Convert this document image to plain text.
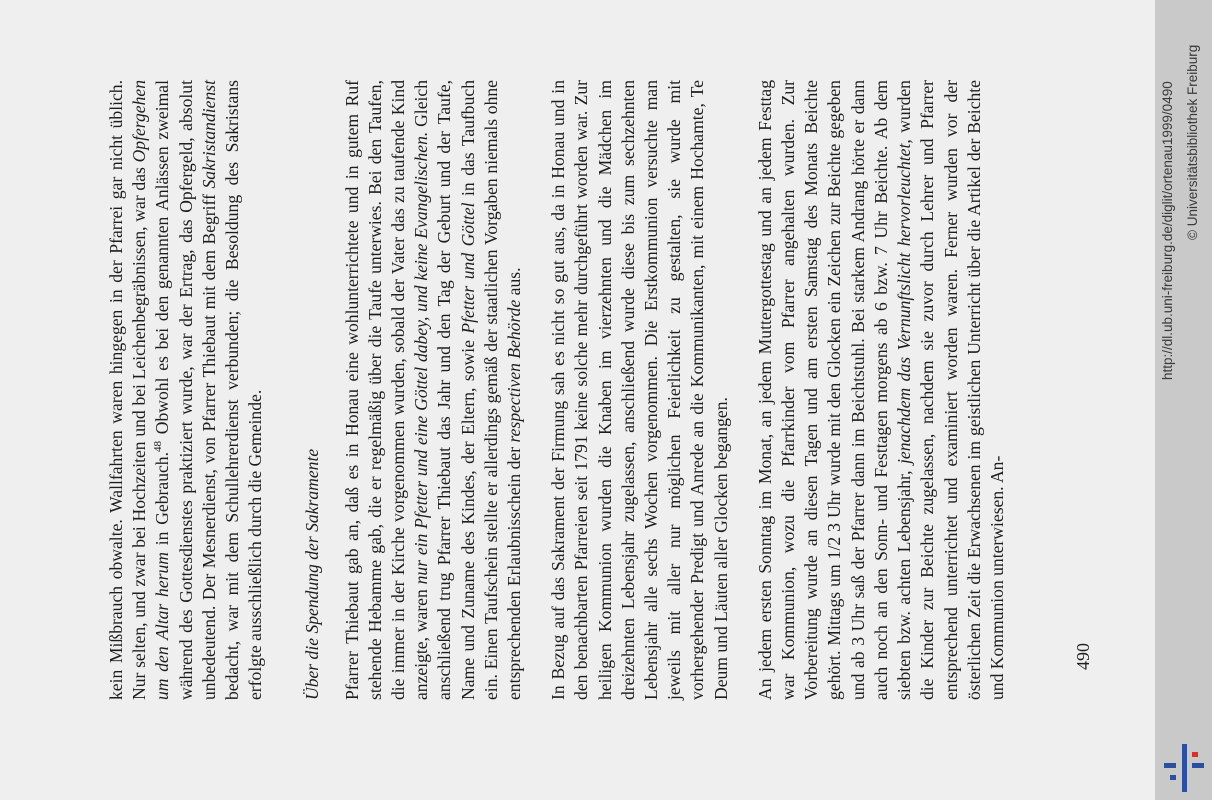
kein Mißbrauch obwalte. Wallfahrten waren hingegen in der Pfarrei gar nicht üblich. Nur selten, und zwar bei Hochzeiten und bei Leichenbegräbnissen, war das Opfergehen um den Altar herum in Gebrauch.$^{48}$ Obwohl es bei den genannten Anlässen zweimal während des Gottesdienstes praktiziert wurde, war der Ertrag, das Opfergeld, absolut unbedeutend. Der Mesnerdienst, von Pfarrer Thiebaut mit dem Begriff Sakristandienst bedacht, war mit dem Schullehrerdienst verbunden; die Besoldung des Sakristans erfolgte ausschließlich durch die Gemeinde. Über die Spendung der Sakramente Pfarrer Thiebaut gab an, daß es in Honau eine wohlunterrichtete und in gutem Ruf stehende Hebamme gab, die er regelmäßig über die Taufe unterwies. Bei den Taufen, die immer in der Kirche vorgenommen wurden, sobald der Vater das zu taufende Kind anzeigte, waren nur ein Pfetter und eine Göttel dabey, und keine Evangelischen. Gleich anschließend trug Pfarrer Thiebaut das Jahr und den Tag der Geburt und der Taufe, Name und Zuname des Kindes, der Eltern, sowie Pfetter und Göttel in das Taufbuch ein. Einen Taufschein stellte er allerdings gemäß der staatlichen Vorgaben niemals ohne entsprechenden Erlaubnisschein der respectiven Behörde aus. In Bezug auf das Sakrament der Firmung sah es nicht so gut aus, da in Honau und in den benachbarten Pfarreien seit 1791 keine solche mehr durchgeführt worden war. Zur heiligen Kommunion wurden die Knaben im vierzehnten und die Mädchen im dreizehnten Lebensjahr zugelassen, anschließend wurde diese bis zum sechzehnten Lebensjahr alle sechs Wochen vorgenommen. Die Erstkommunion versuchte man jeweils mit aller nur möglichen Feierlichkeit zu gestalten, sie wurde mit vorhergehender Predigt und Anrede an die Kommunikanten, mit einem Hochamte, Te Deum und Läuten aller Glocken begangen. An jedem ersten Sonntag im Monat, an jedem Muttergottestag und an jedem Festtag war Kommunion, wozu die Pfarrkinder vom Pfarrer angehalten wurden. Zur Vorbereitung wurde an diesen Tagen und am ersten Samstag des Monats Beichte gehört. Mittags um 1/2 3 Uhr wurde mit den Glocken ein Zeichen zur Beichte gegeben und ab 3 Uhr saß der Pfarrer dann im Beichtstuhl. Bei starkem Andrang hörte er dann auch noch an den Sonn- und Festtagen morgens ab 6 bzw. 7 Uhr Beichte. Ab dem siebten bzw. achten Lebensjahr, jenachdem das Vernunftslicht hervorleuchtet, wurden die Kinder zur Beichte zugelassen, nachdem sie zuvor durch Lehrer und Pfarrer entsprechend unterrichtet und examiniert worden waren. Ferner wurden vor der österlichen Zeit die Erwachsenen im geistlichen Unterricht über die Artikel der Beichte und Kommunion unterwiesen. An-	490
http://dl.ub.uni-freiburg.de/diglit/ortenau1999/0490 © Universitätsbibliothek Freiburg
